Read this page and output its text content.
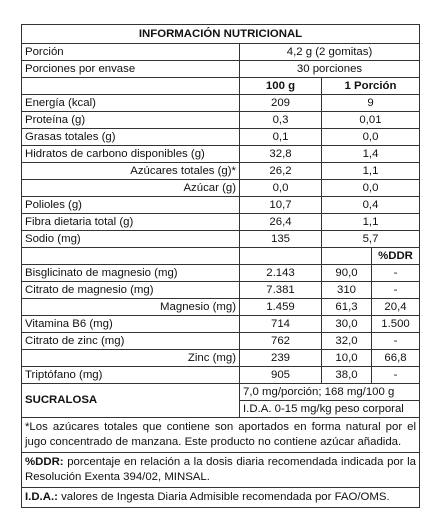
INFORMACIÓN NUTRICIONAL			
Porción	4,2 g (2 gomitas)		
Porciones por envase	30 porciones		
	100 g	1 Porción	
Energía (kcal)	209	9	
Proteína (g)	0,3	0,01	
Grasas totales (g)	0,1	0,0	
Hidratos de carbono disponibles (g)	32,8	1,4	
Azúcares totales (g)*	26,2	1,1	
Azúcar (g)	0,0	0,0	
Polioles (g)	10,7	0,4	
Fibra dietaria total (g)	26,4	1,1	
Sodio (mg)	135	5,7	
			%DDR
Bisglicinato de magnesio (mg)	2.143	90,0	-
Citrato de magnesio (mg)	7.381	310	-
Magnesio (mg)	1.459	61,3	20,4
Vitamina B6 (mg)	714	30,0	1.500
Citrato de zinc (mg)	762	32,0	-
Zinc (mg)	239	10,0	66,8
Triptófano (mg)	905	38,0	-
SUCRALOSA	7,0 mg/porción; 168 mg/100 g		
	I.D.A. 0-15 mg/kg peso corporal		
*Los azúcares totales que contiene son aportados en forma natural por el jugo concentrado de manzana. Este producto no contiene azúcar añadida.			
%DDR: porcentaje en relación a la dosis diaria recomendada indicada por la Resolución Exenta 394/02, MINSAL.			
I.D.A.: valores de Ingesta Diaria Admisible recomendada por FAO/OMS.			
